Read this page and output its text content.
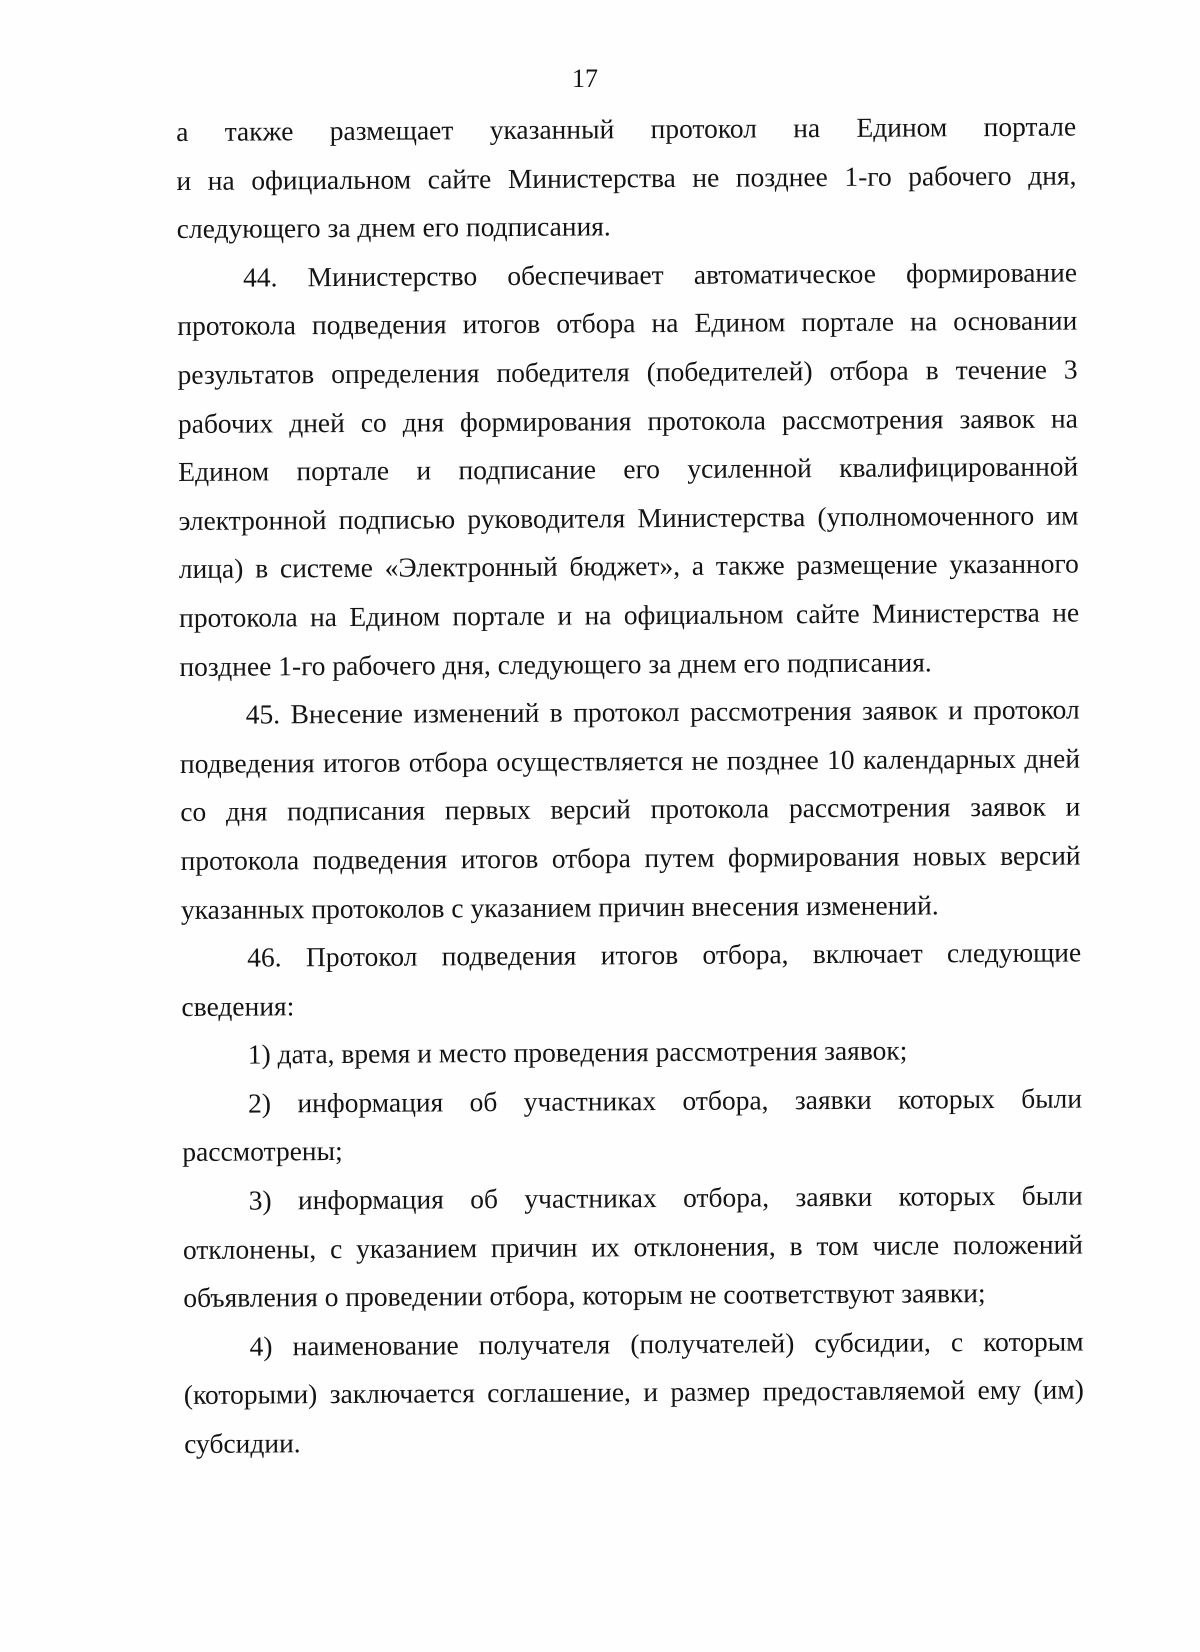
17

а также размещает указанный протокол на Едином портале
и на официальном сайте Министерства не позднее 1-го рабочего дня, следующего за днем его подписания.

44. Министерство обеспечивает автоматическое формирование протокола подведения итогов отбора на Едином портале на основании результатов определения победителя (победителей) отбора в течение 3 рабочих дней со дня формирования протокола рассмотрения заявок на Едином портале и подписание его усиленной квалифицированной электронной подписью руководителя Министерства (уполномоченного им лица) в системе «Электронный бюджет», а также размещение указанного протокола на Едином портале и на официальном сайте Министерства не позднее 1-го рабочего дня, следующего за днем его подписания.

45. Внесение изменений в протокол рассмотрения заявок и протокол подведения итогов отбора осуществляется не позднее 10 календарных дней со дня подписания первых версий протокола рассмотрения заявок и протокола подведения итогов отбора путем формирования новых версий указанных протоколов с указанием причин внесения изменений.

46. Протокол подведения итогов отбора, включает следующие сведения:

1) дата, время и место проведения рассмотрения заявок;

2) информация об участниках отбора, заявки которых были рассмотрены;

3) информация об участниках отбора, заявки которых были отклонены, с указанием причин их отклонения, в том числе положений объявления о проведении отбора, которым не соответствуют заявки;

4) наименование получателя (получателей) субсидии, с которым (которыми) заключается соглашение, и размер предоставляемой ему (им) субсидии.
